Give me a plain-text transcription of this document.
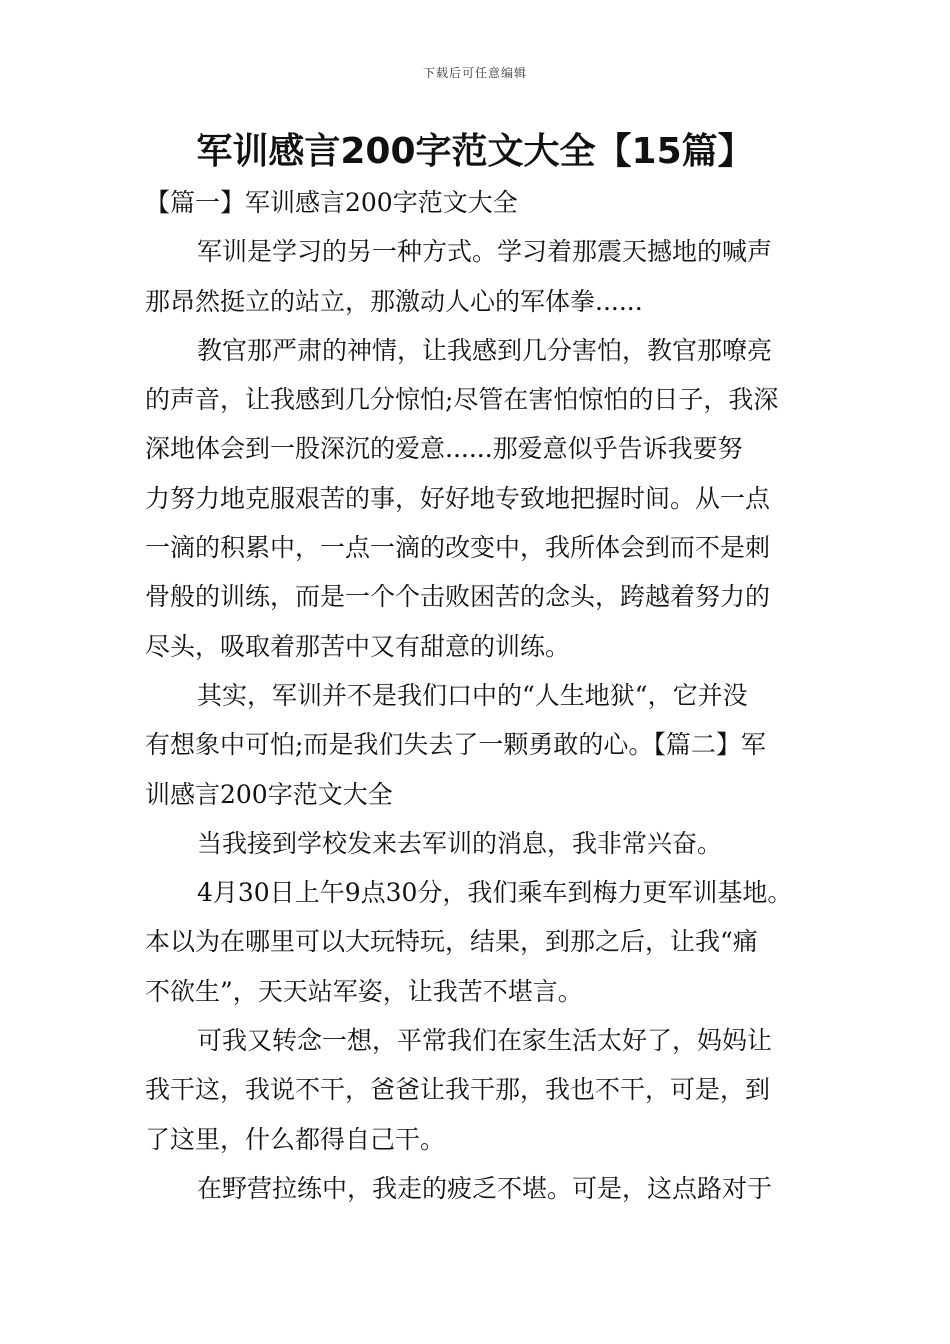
下载后可任意编辑
军训感言200字范文大全【15篇】

【篇一】军训感言200字范文大全

军训是学习的另一种方式。学习着那震天撼地的喊声

那昂然挺立的站立，那激动人心的军体拳......

教官那严肃的神情，让我感到几分害怕，教官那嘹亮

的声音，让我感到几分惊怕;尽管在害怕惊怕的日子，我深

深地体会到一股深沉的爱意......那爱意似乎告诉我要努

力努力地克服艰苦的事，好好地专致地把握时间。从一点

一滴的积累中，一点一滴的改变中，我所体会到而不是刺

骨般的训练，而是一个个击败困苦的念头，跨越着努力的

尽头，吸取着那苦中又有甜意的训练。

其实，军训并不是我们口中的“人生地狱“，它并没

有想象中可怕;而是我们失去了一颗勇敢的心。【篇二】军

训感言200字范文大全

当我接到学校发来去军训的消息，我非常兴奋。

4月30日上午9点30分，我们乘车到梅力更军训基地。

本以为在哪里可以大玩特玩，结果，到那之后，让我“痛

不欲生”，天天站军姿，让我苦不堪言。

可我又转念一想，平常我们在家生活太好了，妈妈让

我干这，我说不干，爸爸让我干那，我也不干，可是，到

了这里，什么都得自己干。

在野营拉练中，我走的疲乏不堪。可是，这点路对于
